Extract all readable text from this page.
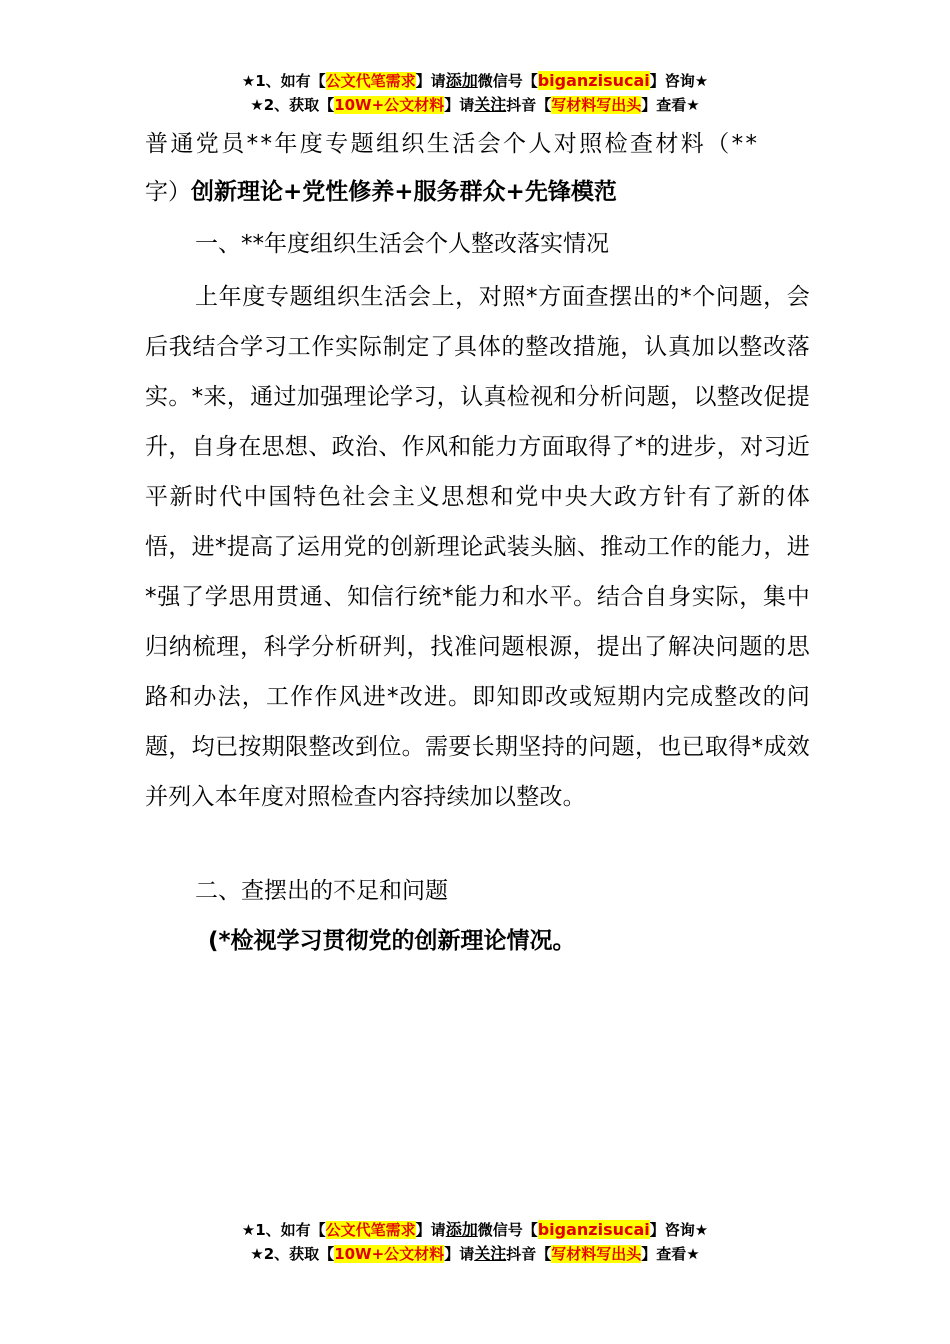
★1、如有【公文代笔需求】请添加微信号【biganzisucai】咨询★
★2、获取【10W+公文材料】请关注抖音【写材料写出头】查看★
普通党员**年度专题组织生活会个人对照检查材料（**
字）创新理论+党性修养+服务群众+先锋模范
一、**年度组织生活会个人整改落实情况
上年度专题组织生活会上，对照*方面查摆出的*个问题，会后我结合学习工作实际制定了具体的整改措施，认真加以整改落实。*来，通过加强理论学习，认真检视和分析问题，以整改促提升，自身在思想、政治、作风和能力方面取得了*的进步，对习近平新时代中国特色社会主义思想和党中央大政方针有了新的体悟，进*提高了运用党的创新理论武装头脑、推动工作的能力，进*强了学思用贯通、知信行统*能力和水平。结合自身实际，集中归纳梳理，科学分析研判，找准问题根源，提出了解决问题的思路和办法，工作作风进*改进。即知即改或短期内完成整改的问题，均已按期限整改到位。需要长期坚持的问题，也已取得*成效并列入本年度对照检查内容持续加以整改。
二、查摆出的不足和问题
(*检视学习贯彻党的创新理论情况。
★1、如有【公文代笔需求】请添加微信号【biganzisucai】咨询★
★2、获取【10W+公文材料】请关注抖音【写材料写出头】查看★
